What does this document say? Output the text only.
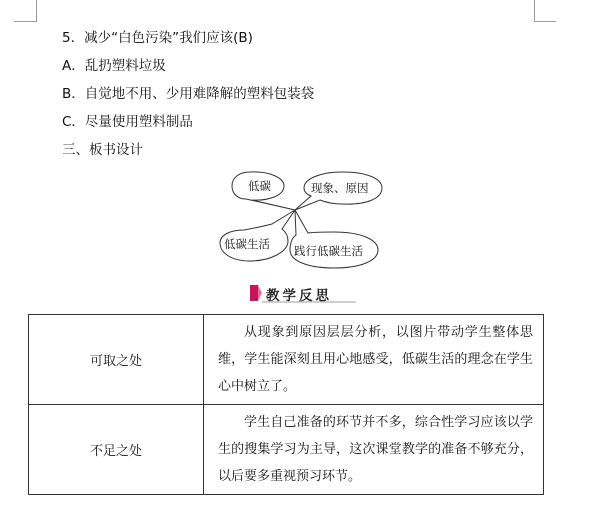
5．减少“白色污染”我们应该(B)
A．乱扔塑料垃圾
B．自觉地不用、少用难降解的塑料包装袋
C．尽量使用塑料制品
三、板书设计
低碳	现象、原因
低碳生活 践行低碳生活
教学反思
可取之处	从现象到原因层层分析，以图片带动学生整体思维，学生能深刻且用心地感受，低碳生活的理念在学生心中树立了。
不足之处	学生自己准备的环节并不多，综合性学习应该以学生的搜集学习为主导，这次课堂教学的准备不够充分，以后要多重视预习环节。
